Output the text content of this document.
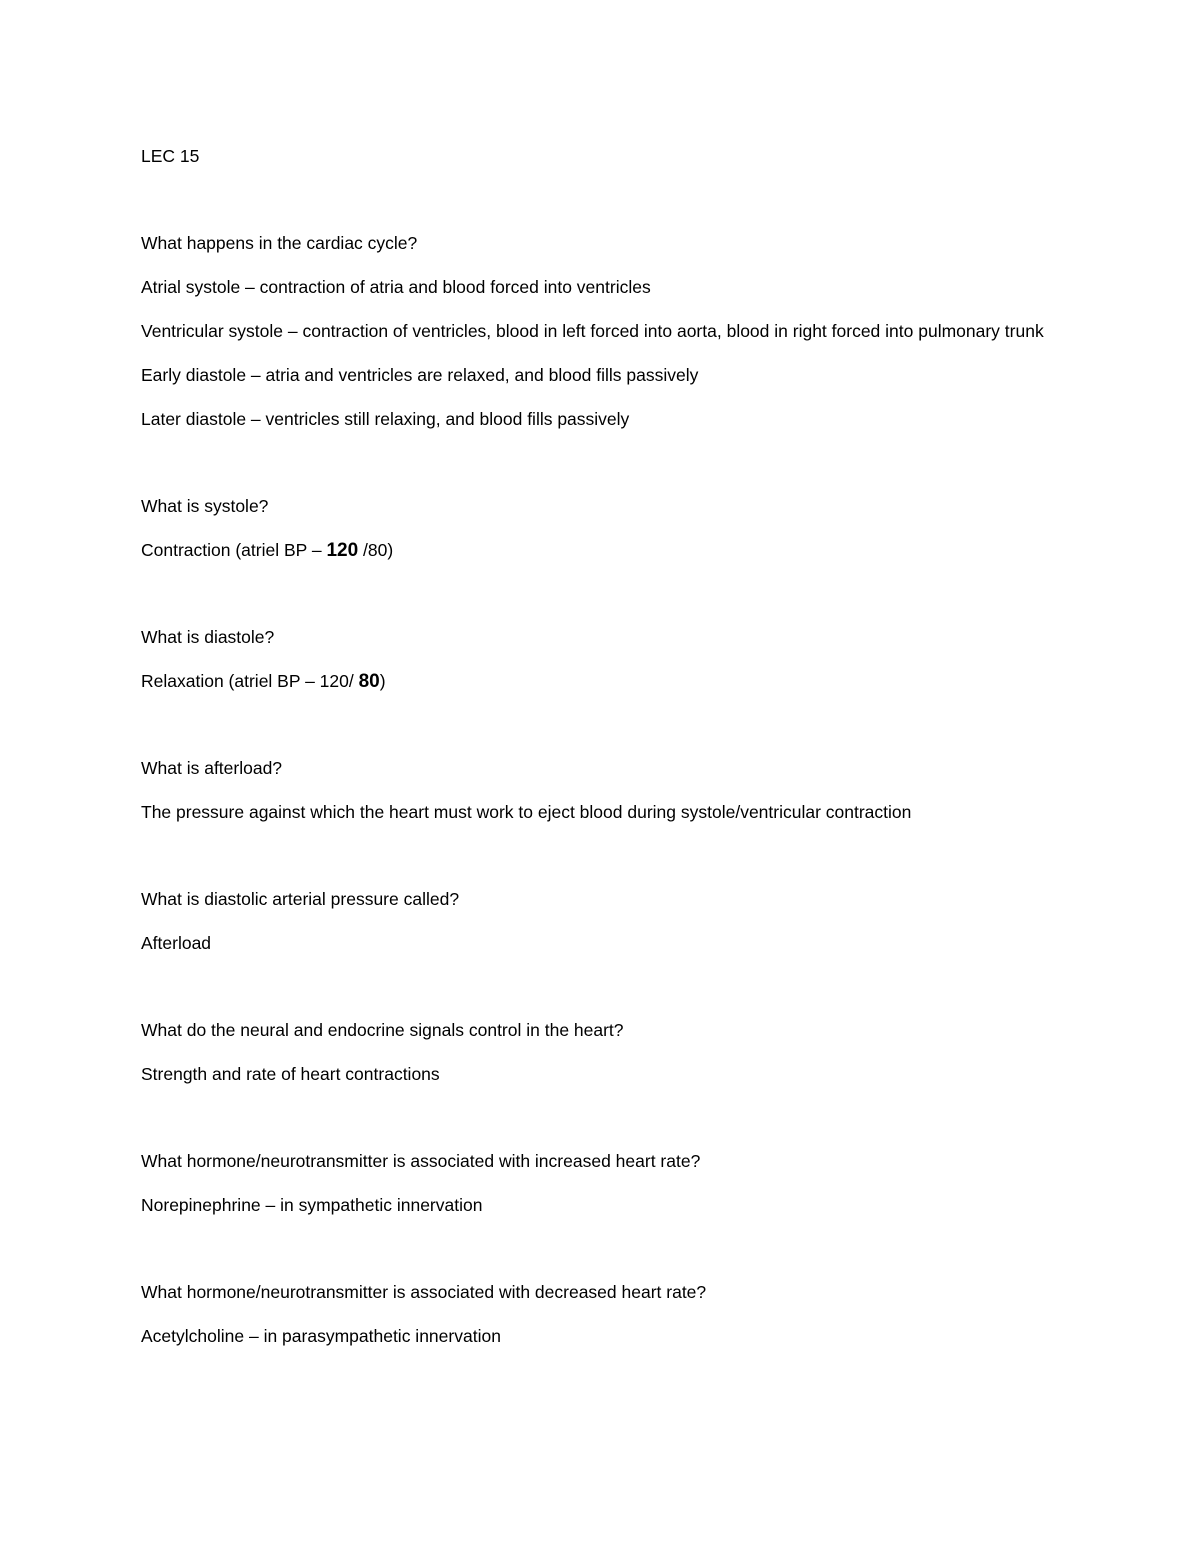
LEC 15

What happens in the cardiac cycle?

Atrial systole – contraction of atria and blood forced into ventricles

Ventricular systole – contraction of ventricles, blood in left forced into aorta, blood in right forced into pulmonary trunk

Early diastole – atria and ventricles are relaxed, and blood fills passively

Later diastole – ventricles still relaxing, and blood fills passively

What is systole?

Contraction (atriel BP – 120 /80)

What is diastole?

Relaxation (atriel BP – 120/ 80)

What is afterload?

The pressure against which the heart must work to eject blood during systole/ventricular contraction

What is diastolic arterial pressure called?

Afterload

What do the neural and endocrine signals control in the heart?

Strength and rate of heart contractions

What hormone/neurotransmitter is associated with increased heart rate?

Norepinephrine – in sympathetic innervation

What hormone/neurotransmitter is associated with decreased heart rate?

Acetylcholine – in parasympathetic innervation
